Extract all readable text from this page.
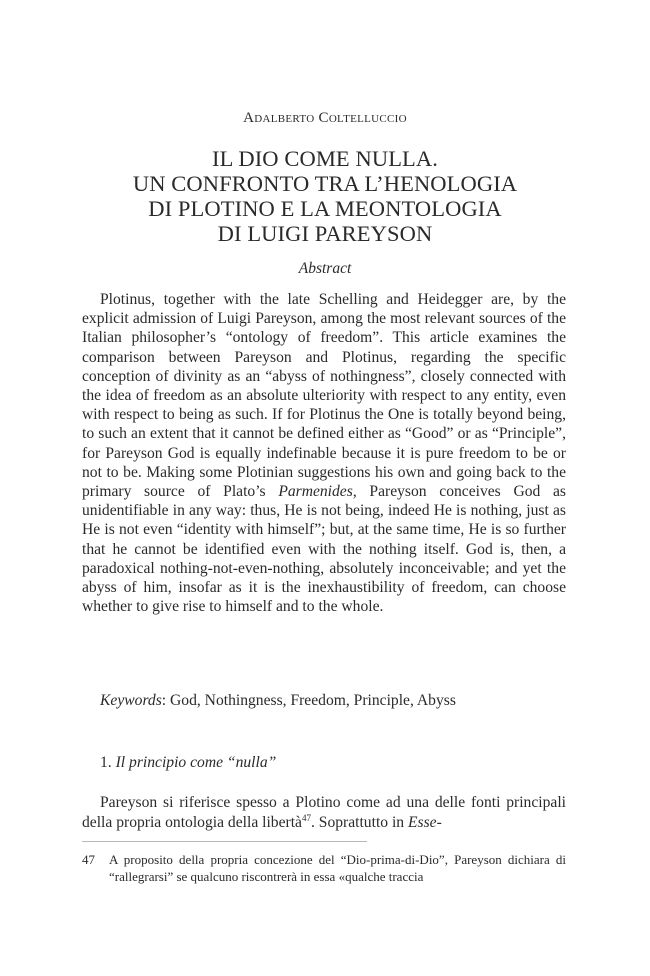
Adalberto Coltelluccio
IL DIO COME NULLA.
UN CONFRONTO TRA L’HENOLOGIA
DI PLOTINO E LA MEONTOLOGIA
DI LUIGI PAREYSON
Abstract

Plotinus, together with the late Schelling and Heidegger are, by the explicit admission of Luigi Pareyson, among the most relevant sources of the Italian philosopher’s “ontology of freedom”. This article examines the comparison between Pareyson and Plotinus, regarding the specific conception of divinity as an “abyss of nothingness”, closely connected with the idea of freedom as an absolute ulteriority with respect to any entity, even with respect to being as such. If for Plotinus the One is totally beyond being, to such an extent that it cannot be defined either as “Good” or as “Principle”, for Pareyson God is equally indefinable because it is pure freedom to be or not to be. Making some Plotinian suggestions his own and going back to the primary source of Plato’s Parmenides, Pareyson conceives God as unidentifiable in any way: thus, He is not being, indeed He is nothing, just as He is not even “identity with himself”; but, at the same time, He is so further that he cannot be identified even with the nothing itself. God is, then, a paradoxical nothing-not-even-nothing, absolutely inconceivable; and yet the abyss of him, insofar as it is the inexhaustibility of freedom, can choose whether to give rise to himself and to the whole.

Keywords: God, Nothingness, Freedom, Principle, Abyss
1. Il principio come “nulla”

Pareyson si riferisce spesso a Plotino come ad una delle fonti principali della propria ontologia della libertà$^{47}$. Soprattutto in Esse-

47 A proposito della propria concezione del “Dio-prima-di-Dio”, Pareyson dichiara di “rallegrarsi” se qualcuno riscontrerà in essa «qualche traccia
